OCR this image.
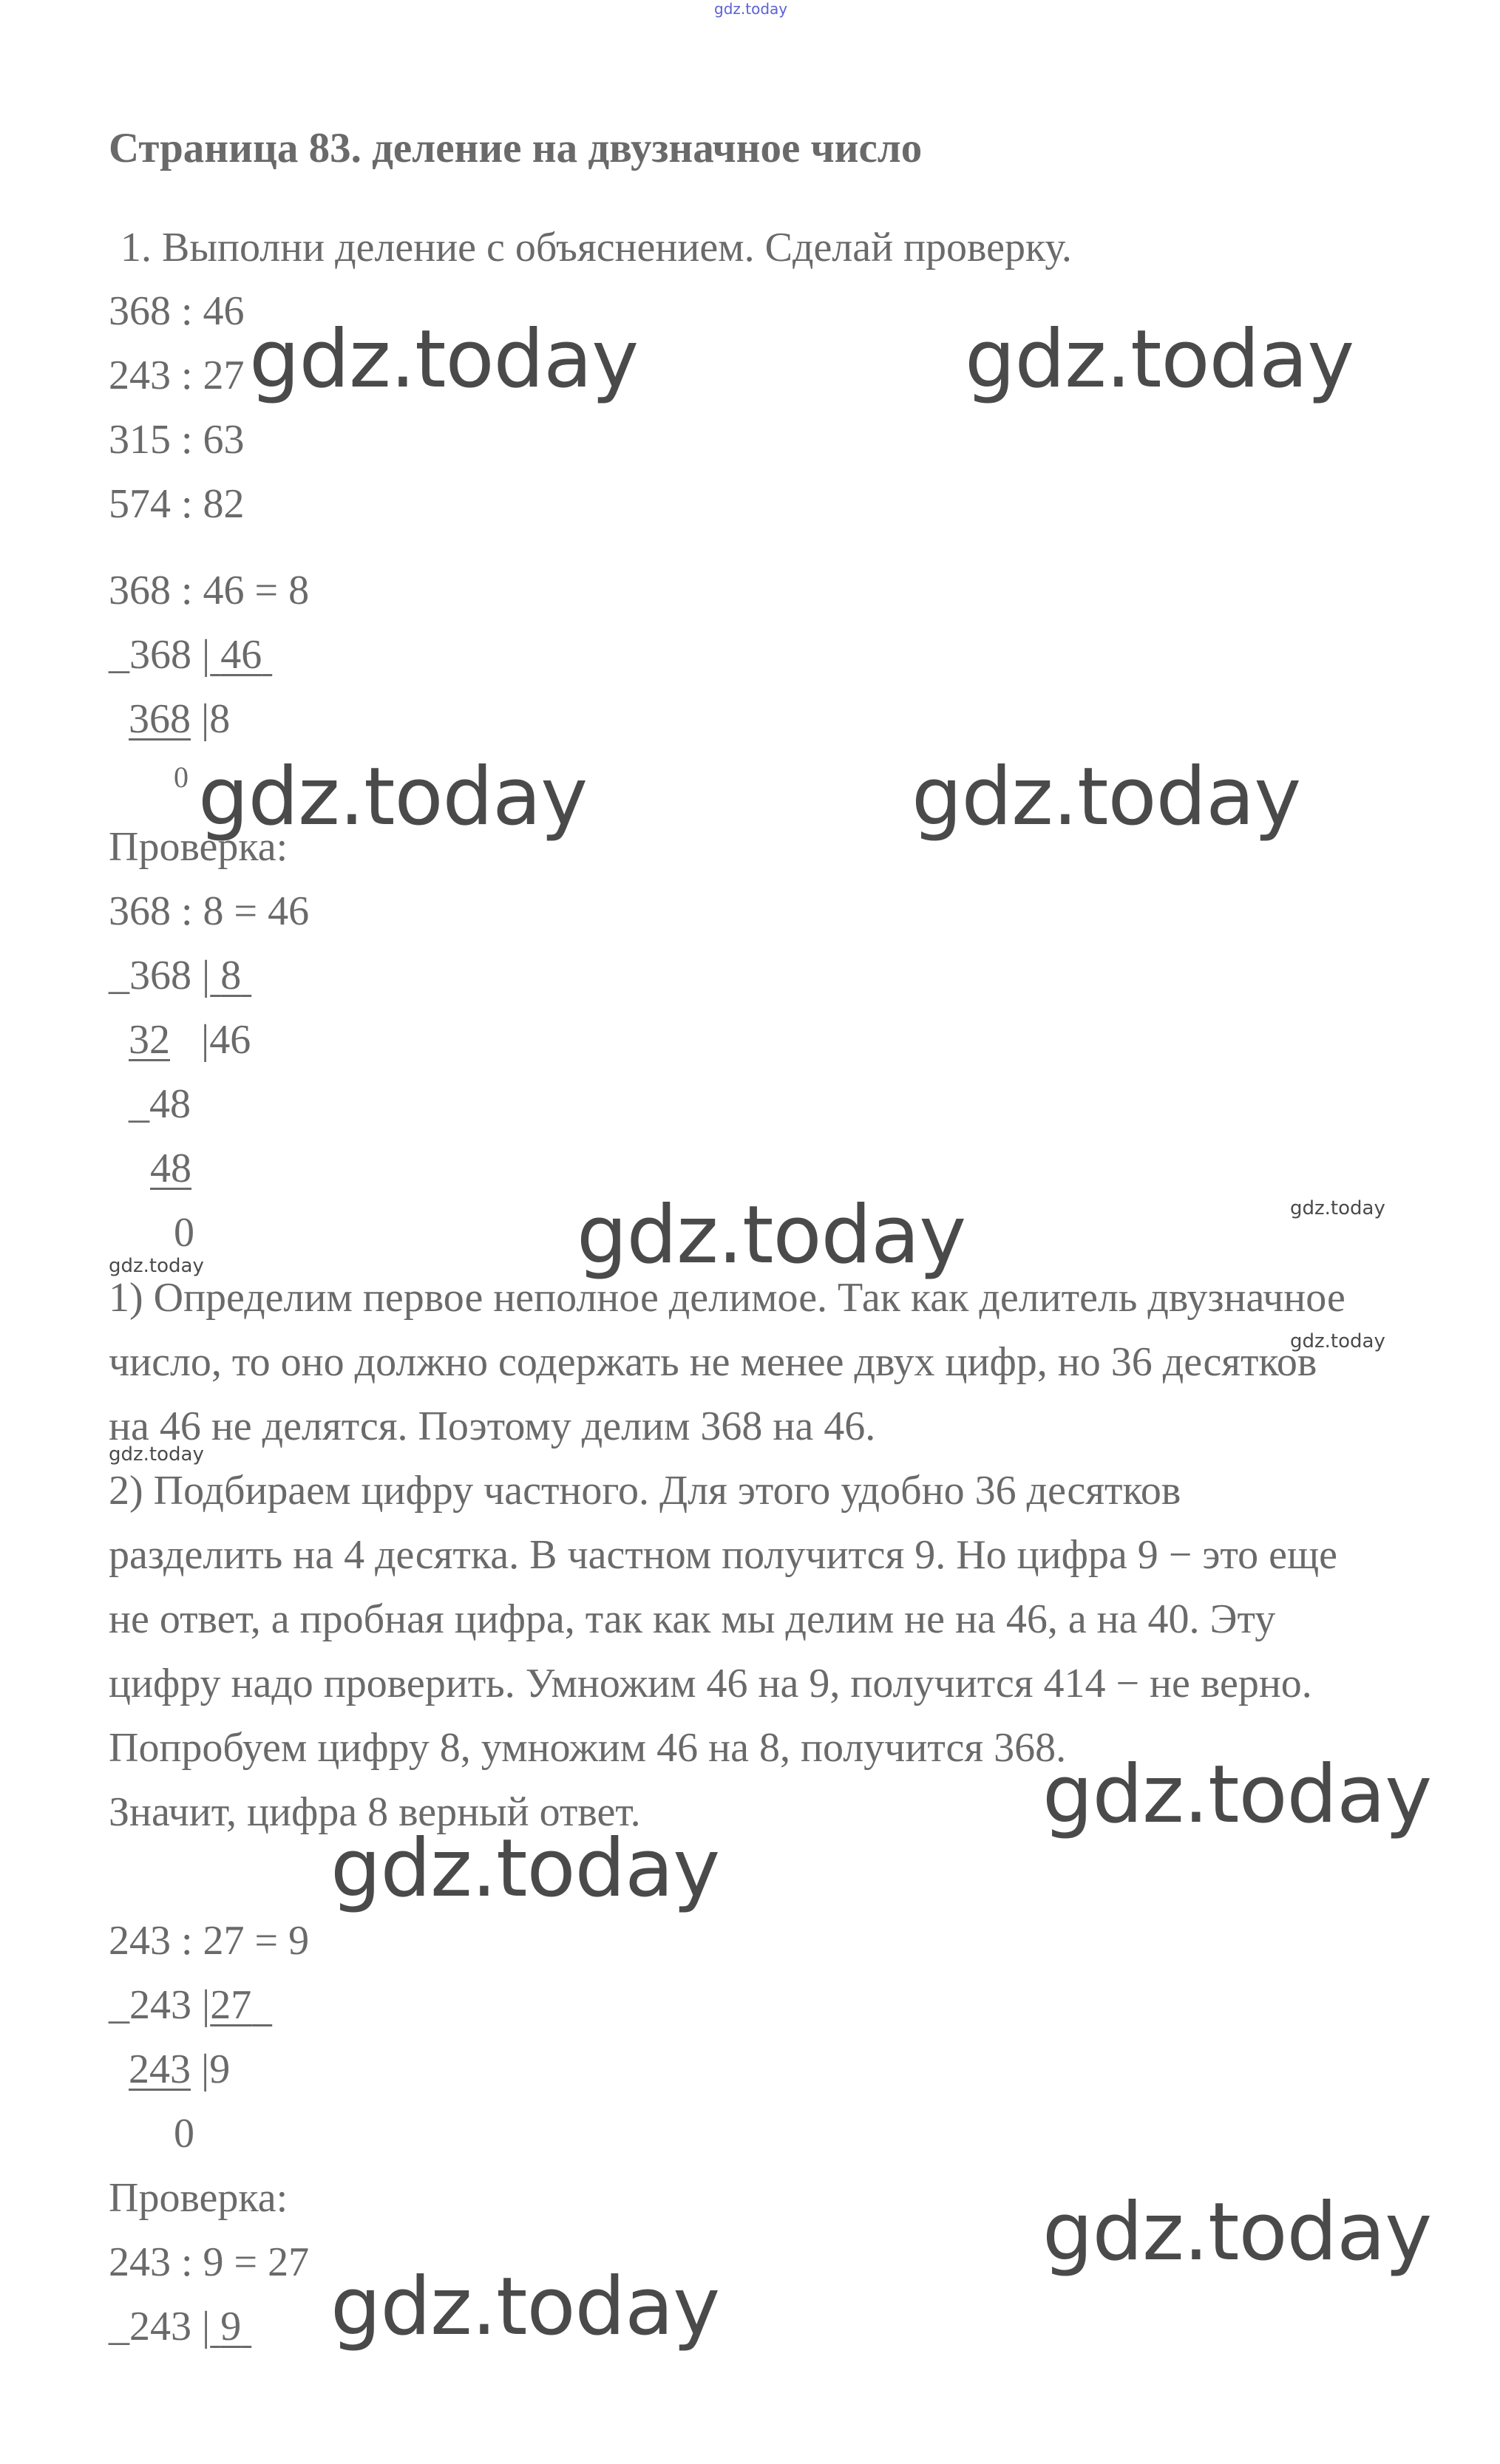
gdz.today
Страница 83. деление на двузначное число
1. Выполни деление с объяснением. Сделай проверку.
368 : 46
243 : 27
315 : 63
574 : 82
368 : 46 = 8
_368 | 46
368 |8
$^0$
Проверка:
368 : 8 = 46
_368 | 8
32   |46
_48
48
0
1) Определим первое неполное делимое. Так как делитель двузначное
число, то оно должно содержать не менее двух цифр, но 36 десятков
на 46 не делятся. Поэтому делим 368 на 46.
2) Подбираем цифру частного. Для этого удобно 36 десятков
разделить на 4 десятка. В частном получится 9. Но цифра 9 − это еще
не ответ, а пробная цифра, так как мы делим не на 46, а на 40. Эту
цифру надо проверить. Умножим 46 на 9, получится 414 − не верно.
Попробуем цифру 8, умножим 46 на 8, получится 368.
Значит, цифра 8 верный ответ.
243 : 27 = 9
_243 |27
243 |9
0
Проверка:
243 : 9 = 27
_243 | 9
gdz.today	gdz.today
gdz.today	gdz.today
gdz.today
gdz.today
gdz.today
gdz.today
gdz.today
gdz.today
gdz.today
gdz.today
gdz.today
